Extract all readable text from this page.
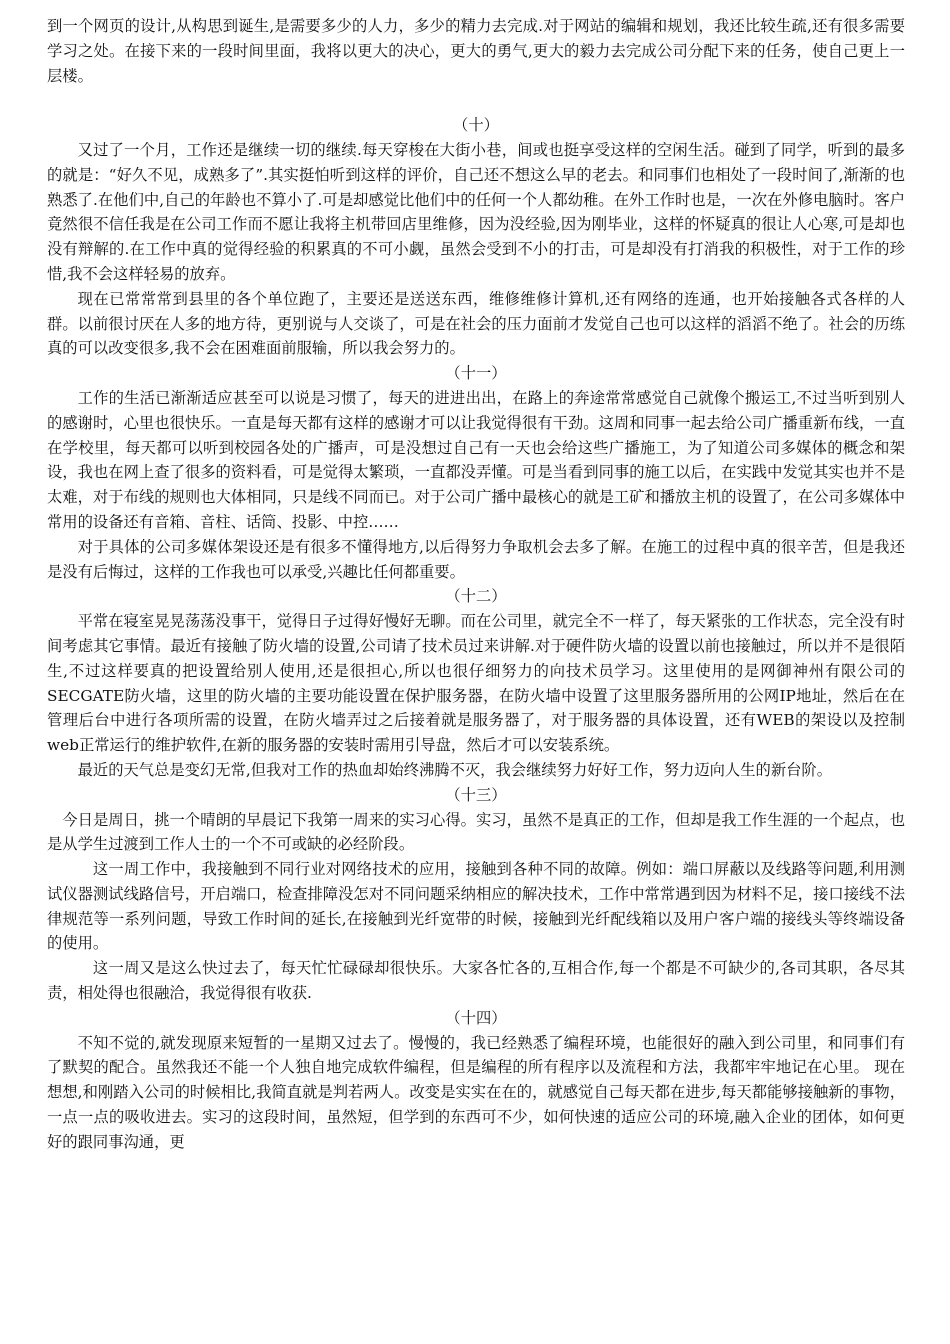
到一个网页的设计,从构思到诞生,是需要多少的人力，多少的精力去完成.对于网站的编辑和规划，我还比较生疏,还有很多需要学习之处。在接下来的一段时间里面，我将以更大的决心，更大的勇气,更大的毅力去完成公司分配下来的任务，使自己更上一层楼。

（十）

又过了一个月，工作还是继续一切的继续.每天穿梭在大街小巷，间或也挺享受这样的空闲生活。碰到了同学，听到的最多的就是：“好久不见，成熟多了”.其实挺怕听到这样的评价，自己还不想这么早的老去。和同事们也相处了一段时间了,渐渐的也熟悉了.在他们中,自己的年龄也不算小了.可是却感觉比他们中的任何一个人都幼稚。在外工作时也是，一次在外修电脑时。客户竟然很不信任我是在公司工作而不愿让我将主机带回店里维修，因为没经验,因为刚毕业，这样的怀疑真的很让人心寒,可是却也没有辩解的.在工作中真的觉得经验的积累真的不可小觑，虽然会受到不小的打击，可是却没有打消我的积极性，对于工作的珍惜,我不会这样轻易的放弃。

现在已常常常到县里的各个单位跑了，主要还是送送东西，维修维修计算机,还有网络的连通，也开始接触各式各样的人群。以前很讨厌在人多的地方待，更别说与人交谈了，可是在社会的压力面前才发觉自己也可以这样的滔滔不绝了。社会的历练真的可以改变很多,我不会在困难面前服输，所以我会努力的。

（十一）

工作的生活已渐渐适应甚至可以说是习惯了，每天的进进出出，在路上的奔途常常感觉自己就像个搬运工,不过当听到别人的感谢时，心里也很快乐。一直是每天都有这样的感谢才可以让我觉得很有干劲。这周和同事一起去给公司广播重新布线，一直在学校里，每天都可以听到校园各处的广播声，可是没想过自己有一天也会给这些广播施工，为了知道公司多媒体的概念和架设，我也在网上查了很多的资料看，可是觉得太繁琐，一直都没弄懂。可是当看到同事的施工以后，在实践中发觉其实也并不是太难，对于布线的规则也大体相同，只是线不同而已。对于公司广播中最核心的就是工矿和播放主机的设置了，在公司多媒体中常用的设备还有音箱、音柱、话筒、投影、中控……

对于具体的公司多媒体架设还是有很多不懂得地方,以后得努力争取机会去多了解。在施工的过程中真的很辛苦，但是我还是没有后悔过，这样的工作我也可以承受,兴趣比任何都重要。

（十二）

平常在寝室晃晃荡荡没事干，觉得日子过得好慢好无聊。而在公司里，就完全不一样了，每天紧张的工作状态，完全没有时间考虑其它事情。最近有接触了防火墙的设置,公司请了技术员过来讲解.对于硬件防火墙的设置以前也接触过，所以并不是很陌生,不过这样要真的把设置给别人使用,还是很担心,所以也很仔细努力的向技术员学习。这里使用的是网御神州有限公司的SECGATE防火墙，这里的防火墙的主要功能设置在保护服务器，在防火墙中设置了这里服务器所用的公网IP地址，然后在在管理后台中进行各项所需的设置，在防火墙弄过之后接着就是服务器了，对于服务器的具体设置，还有WEB的架设以及控制web正常运行的维护软件,在新的服务器的安装时需用引导盘，然后才可以安装系统。

最近的天气总是变幻无常,但我对工作的热血却始终沸腾不灭，我会继续努力好好工作，努力迈向人生的新台阶。

（十三）

今日是周日，挑一个晴朗的早晨记下我第一周来的实习心得。实习，虽然不是真正的工作，但却是我工作生涯的一个起点，也是从学生过渡到工作人士的一个不可或缺的必经阶段。

这一周工作中，我接触到不同行业对网络技术的应用，接触到各种不同的故障。例如：端口屏蔽以及线路等问题,利用测试仪器测试线路信号，开启端口，检查排障没怎对不同问题采纳相应的解决技术，工作中常常遇到因为材料不足，接口接线不法律规范等一系列问题，导致工作时间的延长,在接触到光纤宽带的时候，接触到光纤配线箱以及用户客户端的接线头等终端设备的使用。

这一周又是这么快过去了，每天忙忙碌碌却很快乐。大家各忙各的,互相合作,每一个都是不可缺少的,各司其职，各尽其责，相处得也很融洽，我觉得很有收获.

（十四）

不知不觉的,就发现原来短暂的一星期又过去了。慢慢的，我已经熟悉了编程环境，也能很好的融入到公司里，和同事们有了默契的配合。虽然我还不能一个人独自地完成软件编程，但是编程的所有程序以及流程和方法，我都牢牢地记在心里。 现在想想,和刚踏入公司的时候相比,我简直就是判若两人。改变是实实在在的，就感觉自己每天都在进步,每天都能够接触新的事物，一点一点的吸收进去。实习的这段时间，虽然短，但学到的东西可不少，如何快速的适应公司的环境,融入企业的团体，如何更好的跟同事沟通，更
